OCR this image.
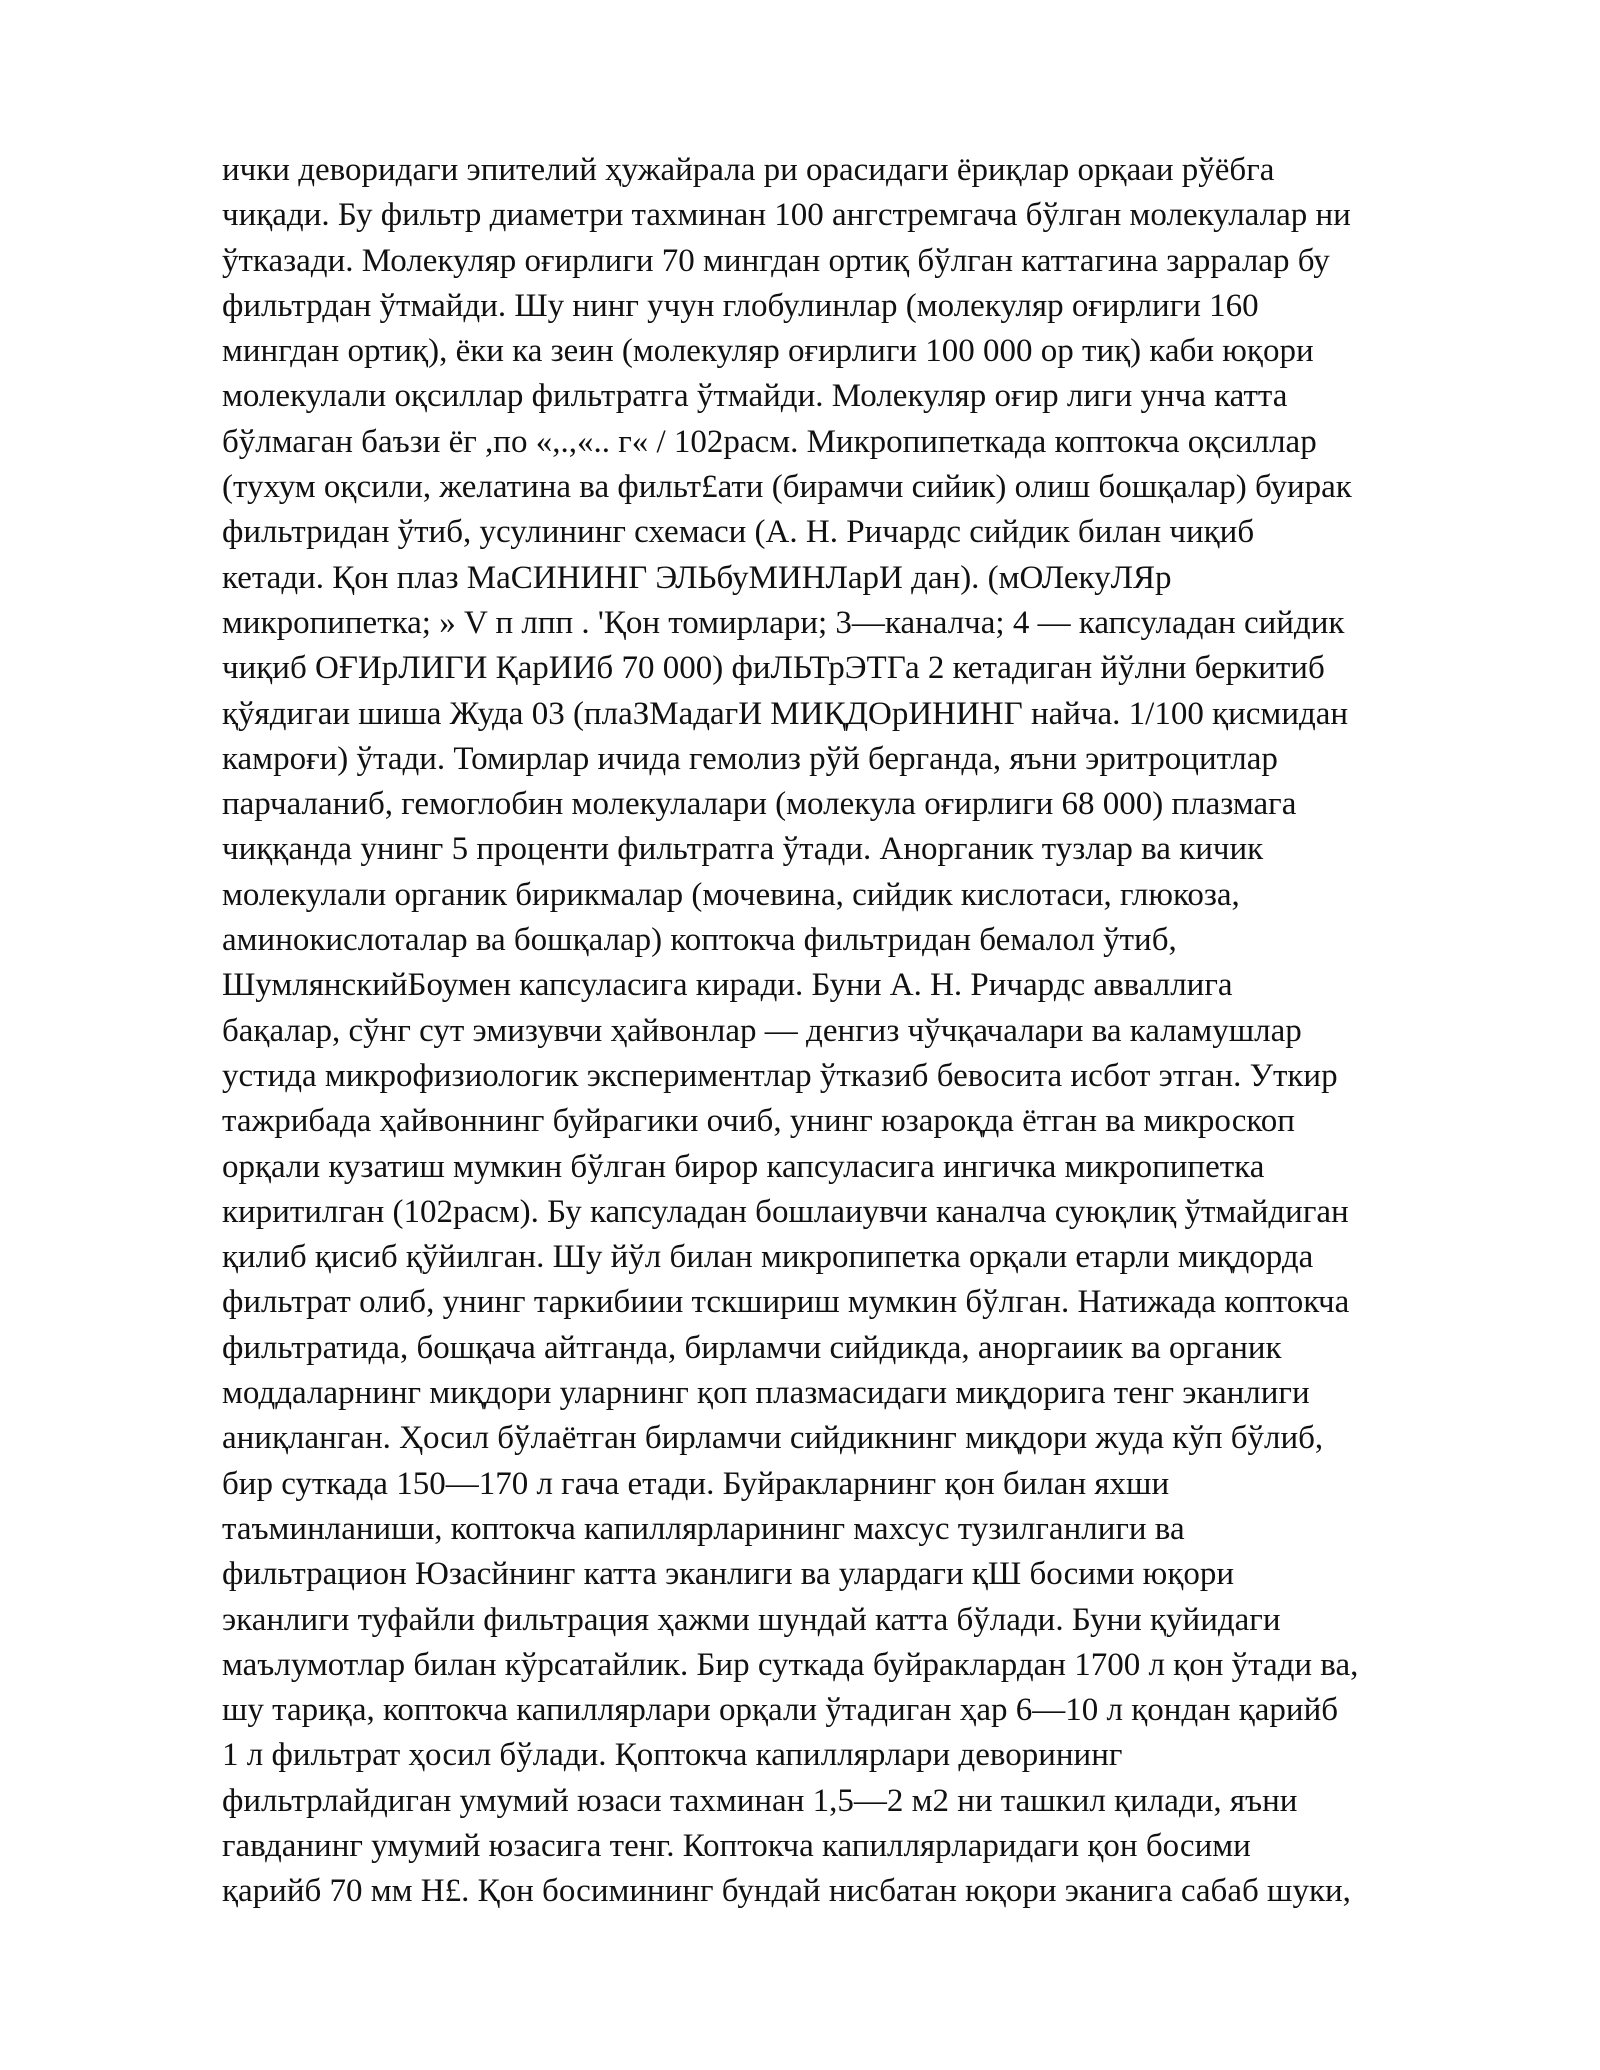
ички деворидаги эпителий ҳужайрала ри орасидаги ёриқлар орқааи рўёбга
чиқади. Бу фильтр диаметри тахминан 100 ангстремгача бўлган молекулалар ни
ўтказади. Молекуляр оғирлиги 70 мингдан ортиқ бўлган каттагина зарралар бу
фильтрдан ўтмайди. Шу нинг учун глобулинлар (молекуляр оғирлиги 160
мингдан ортиқ), ёки ка зеин (молекуляр оғирлиги 100 000 ор тиқ) каби юқори
молекулали оқсиллар фильтратга ўтмайди. Молекуляр оғир лиги унча катта
бўлмаган баъзи ёг ,по «,.,«.. г« / 102расм. Микропипеткада коптокча оқсиллар
(тухум оқсили, желатина ва фильт£ати (бирамчи сийик) олиш бошқалар) буирак
фильтридан ўтиб, усулининг схемаси (А. Н. Ричардс сийдик билан чиқиб
кетади. Қон плаз МаСИНИНГ ЭЛЬбуМИНЛарИ дан). (мОЛекуЛЯр
микропипетка; » V п лпп . 'Қон томирлари; 3—каналча; 4 — капсуладан сийдик
чиқиб ОҒИрЛИГИ ҚарИИб 70 000) фиЛЬТрЭТГа 2 кетадиган йўлни беркитиб
қўядигаи шиша Жуда 03 (плаЗМадагИ МИҚДОрИНИНГ найча. 1/100 қисмидан
камроғи) ўтади. Томирлар ичида гемолиз рўй берганда, яъни эритроцитлар
парчаланиб, гемоглобин молекулалари (молекула оғирлиги 68 000) плазмага
чиққанда унинг 5 проценти фильтратга ўтади. Анорганик тузлар ва кичик
молекулали органик бирикмалар (мочевина, сийдик кислотаси, глюкоза,
аминокислоталар ва бошқалар) коптокча фильтридан бемалол ўтиб,
ШумлянскийБоумен капсуласига киради. Буни А. Н. Ричардс авваллига
бақалар, сўнг сут эмизувчи ҳайвонлар — денгиз чўчқачалари ва каламушлар
устида микрофизиологик экспериментлар ўтказиб бевосита исбот этган. Уткир
тажрибада ҳайвоннинг буйрагики очиб, унинг юзароқда ётган ва микроскоп
орқали кузатиш мумкин бўлган бирор капсуласига ингичка микропипетка
киритилган (102расм). Бу капсуладан бошлаиувчи каналча суюқлиқ ўтмайдиган
қилиб қисиб қўйилган. Шу йўл билан микропипетка орқали етарли миқдорда
фильтрат олиб, унинг таркибиии тскшириш мумкин бўлган. Натижада коптокча
фильтратида, бошқача айтганда, бирламчи сийдикда, аноргаиик ва органик
моддаларнинг миқдори уларнинг қоп плазмасидаги миқдорига тенг эканлиги
аниқланган. Ҳосил бўлаётган бирламчи сийдикнинг миқдори жуда кўп бўлиб,
бир суткада 150—170 л гача етади. Буйракларнинг қон билан яхши
таъминланиши, коптокча капиллярларининг махсус тузилганлиги ва
фильтрацион Юзасйнинг катта эканлиги ва улардаги қШ босими юқори
эканлиги туфайли фильтрация ҳажми шундай катта бўлади. Буни қуйидаги
маълумотлар билан кўрсатайлик. Бир суткада буйраклардан 1700 л қон ўтади ва,
шу тариқа, коптокча капиллярлари орқали ўтадиган ҳар 6—10 л қондан қарийб
1 л фильтрат ҳосил бўлади. Қоптокча капиллярлари деворининг
фильтрлайдиган умумий юзаси тахминан 1,5—2 м2 ни ташкил қилади, яъни
гавданинг умумий юзасига тенг. Коптокча капиллярларидаги қон босими
қарийб 70 мм Н£. Қон босимининг бундай нисбатан юқори эканига сабаб шуки,
